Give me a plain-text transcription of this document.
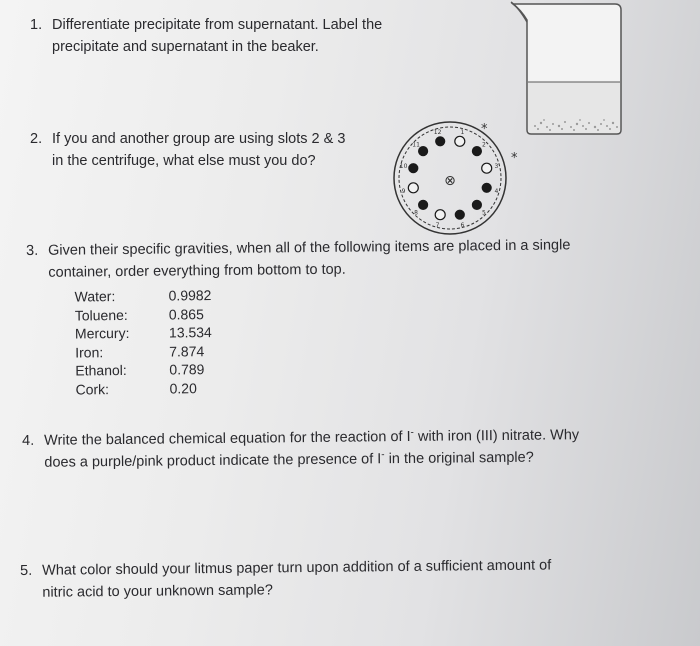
1. Differentiate precipitate from supernatant. Label the
precipitate and supernatant in the beaker.
2. If you and another group are using slots 2 & 3
in the centrifuge, what else must you do?
⊗
1
2
3
4
5
6
7
8
9
10
11
12	*
*
3. Given their specific gravities, when all of the following items are placed in a single
container, order everything from bottom to top.
Water:	0.9982
Toluene:	0.865
Mercury:	13.534
Iron:	7.874
Ethanol:	0.789
Cork:	0.20
4. Write the balanced chemical equation for the reaction of I- with iron (III) nitrate. Why
does a purple/pink product indicate the presence of I- in the original sample?
5. What color should your litmus paper turn upon addition of a sufficient amount of
nitric acid to your unknown sample?
